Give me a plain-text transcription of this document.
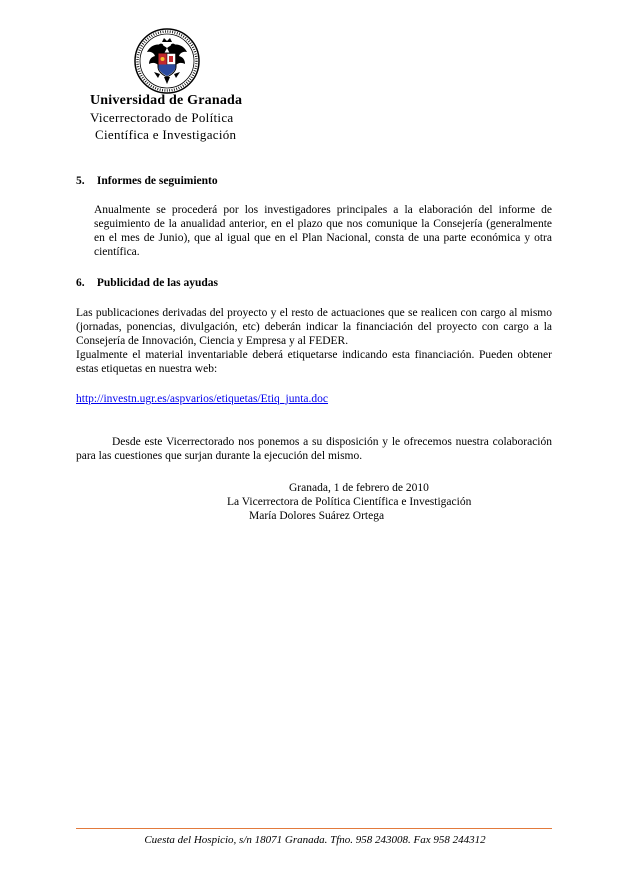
Universidad de Granada
Vicerrectorado de Política
Científica e Investigación
5. Informes de seguimiento
Anualmente se procederá por los investigadores principales a la elaboración del informe de seguimiento de la anualidad anterior, en el plazo que nos comunique la Consejería (generalmente en el mes de Junio), que al igual que en el Plan Nacional, consta de una parte económica y otra científica.
6. Publicidad de las ayudas
Las publicaciones derivadas del proyecto y el resto de actuaciones que se realicen con cargo al mismo (jornadas, ponencias, divulgación, etc) deberán indicar la financiación del proyecto con cargo a la Consejería de Innovación, Ciencia y Empresa y al FEDER.
Igualmente el material inventariable deberá etiquetarse indicando esta financiación. Pueden obtener estas etiquetas en nuestra web:
http://investn.ugr.es/aspvarios/etiquetas/Etiq_junta.doc
Desde este Vicerrectorado nos ponemos a su disposición y le ofrecemos nuestra colaboración para las cuestiones que surjan durante la ejecución del mismo.
Granada, 1 de febrero de 2010
La Vicerrectora de Política Científica e Investigación
María Dolores Suárez Ortega
Cuesta del Hospicio, s/n 18071 Granada. Tfno. 958 243008. Fax 958 244312
